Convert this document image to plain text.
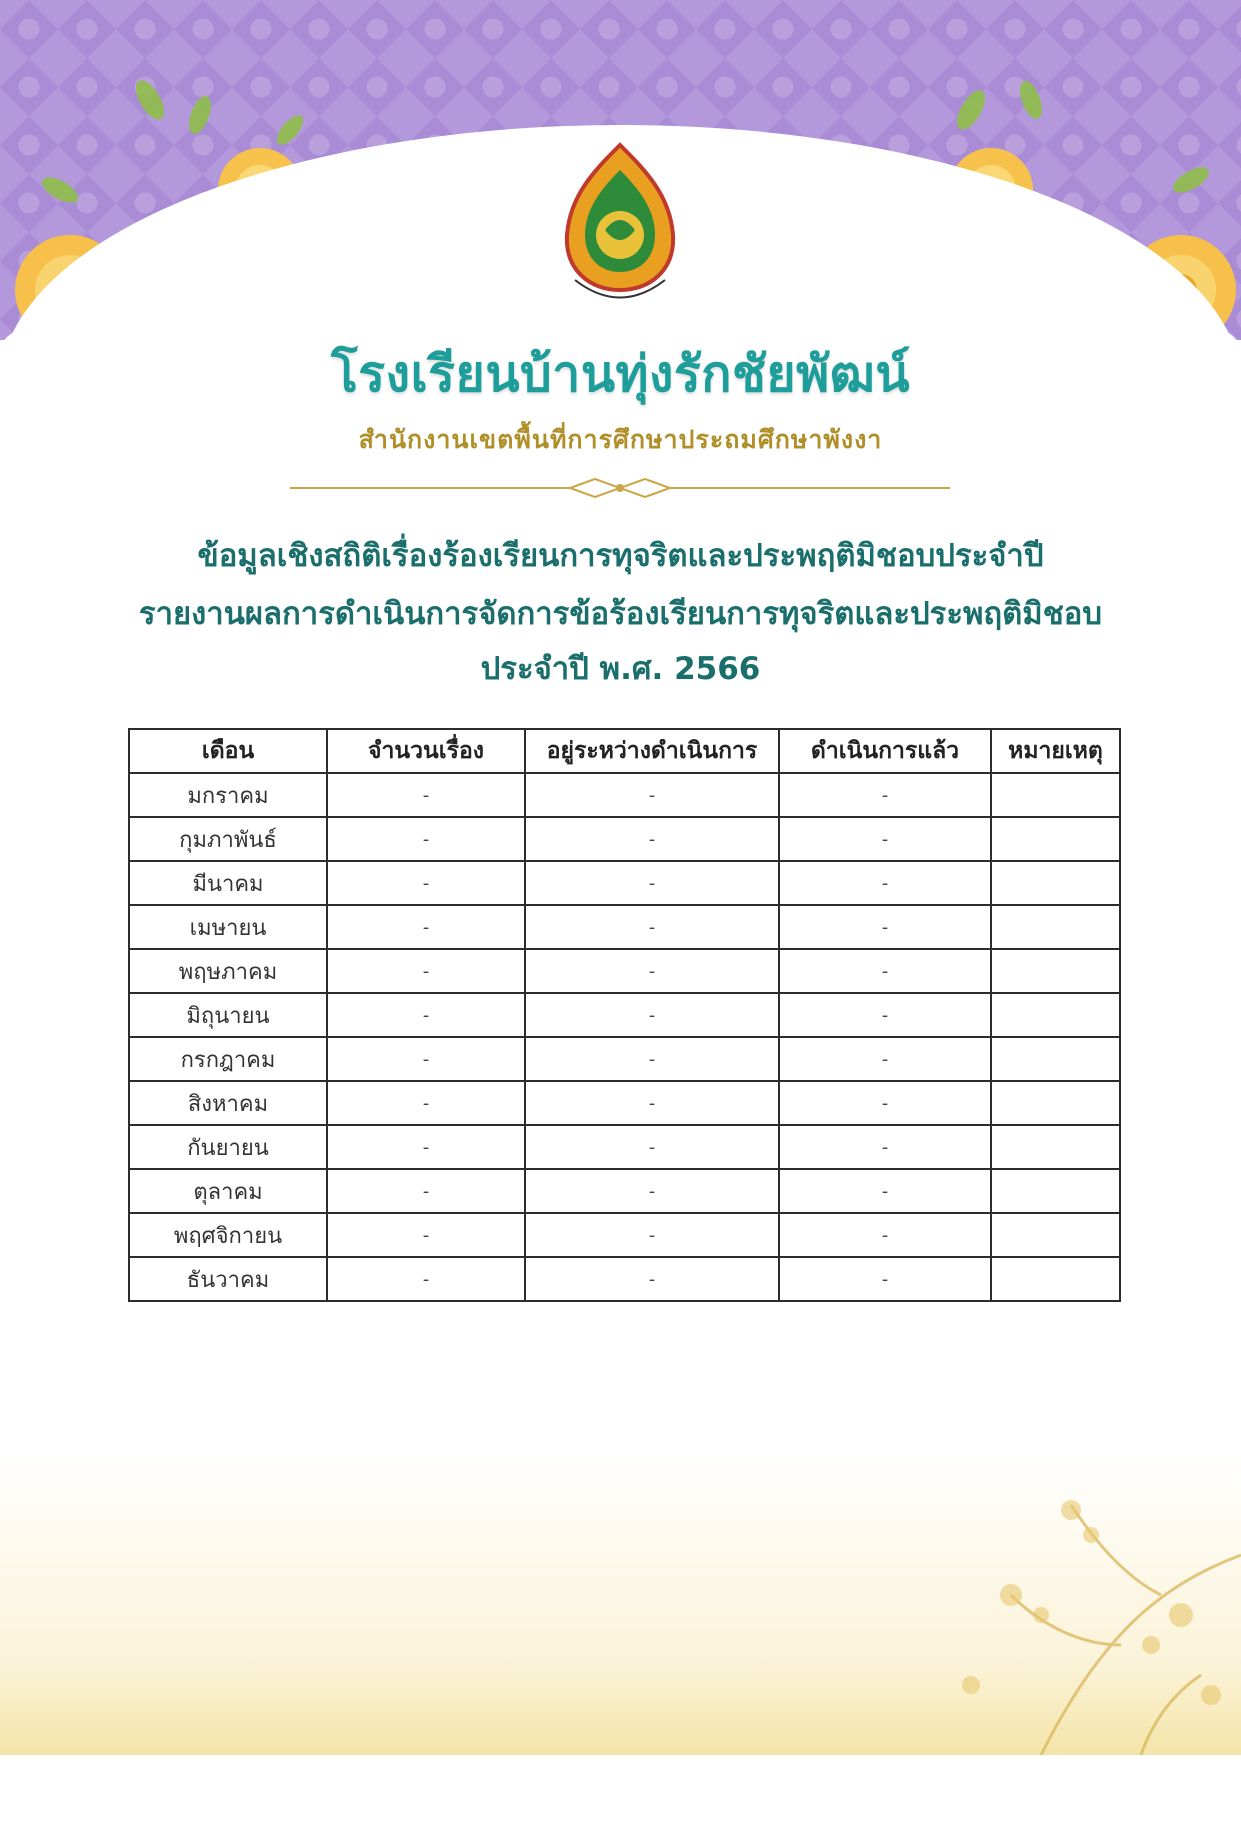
โรงเรียนบ้านทุ่งรักชัยพัฒน์
สำนักงานเขตพื้นที่การศึกษาประถมศึกษาพังงา
ข้อมูลเชิงสถิติเรื่องร้องเรียนการทุจริตและประพฤติมิชอบประจำปี
รายงานผลการดำเนินการจัดการข้อร้องเรียนการทุจริตและประพฤติมิชอบ
ประจำปี พ.ศ. 2566
เดือน	จำนวนเรื่อง	อยู่ระหว่างดำเนินการ	ดำเนินการแล้ว	หมายเหตุ
มกราคม	-	-	-	
กุมภาพันธ์	-	-	-	
มีนาคม	-	-	-	
เมษายน	-	-	-	
พฤษภาคม	-	-	-	
มิถุนายน	-	-	-	
กรกฎาคม	-	-	-	
สิงหาคม	-	-	-	
กันยายน	-	-	-	
ตุลาคม	-	-	-	
พฤศจิกายน	-	-	-	
ธันวาคม	-	-	-	
